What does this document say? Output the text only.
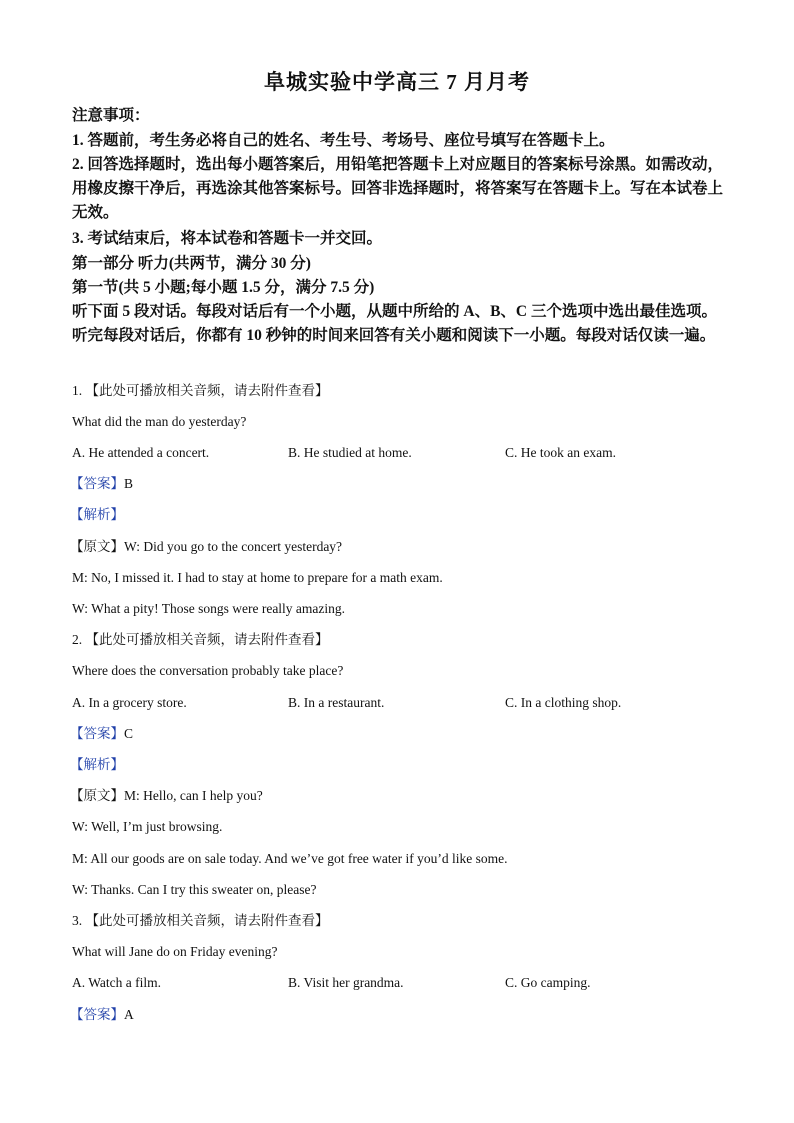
阜城实验中学高三 7 月月考
注意事项：
1. 答题前，考生务必将自己的姓名、考生号、考场号、座位号填写在答题卡上。
2. 回答选择题时，选出每小题答案后，用铅笔把答题卡上对应题目的答案标号涂黑。如需改动，用橡皮擦干净后，再选涂其他答案标号。回答非选择题时，将答案写在答题卡上。写在本试卷上无效。
3. 考试结束后，将本试卷和答题卡一并交回。
第一部分 听力(共两节，满分 30 分)
第一节(共 5 小题;每小题 1.5 分，满分 7.5 分)
听下面 5 段对话。每段对话后有一个小题，从题中所给的 A、B、C 三个选项中选出最佳选项。听完每段对话后，你都有 10 秒钟的时间来回答有关小题和阅读下一小题。每段对话仅读一遍。
1. 【此处可播放相关音频，请去附件查看】
What did the man do yesterday?
A. He attended a concert.	B. He studied at home.	C. He took an exam.
【答案】B
【解析】
【原文】W: Did you go to the concert yesterday?
M: No, I missed it. I had to stay at home to prepare for a math exam.
W: What a pity! Those songs were really amazing.
2. 【此处可播放相关音频，请去附件查看】
Where does the conversation probably take place?
A. In a grocery store.	B. In a restaurant.	C. In a clothing shop.
【答案】C
【解析】
【原文】M: Hello, can I help you?
W: Well, I’m just browsing.
M: All our goods are on sale today. And we’ve got free water if you’d like some.
W: Thanks. Can I try this sweater on, please?
3. 【此处可播放相关音频，请去附件查看】
What will Jane do on Friday evening?
A. Watch a film.	B. Visit her grandma.	C. Go camping.
【答案】A
